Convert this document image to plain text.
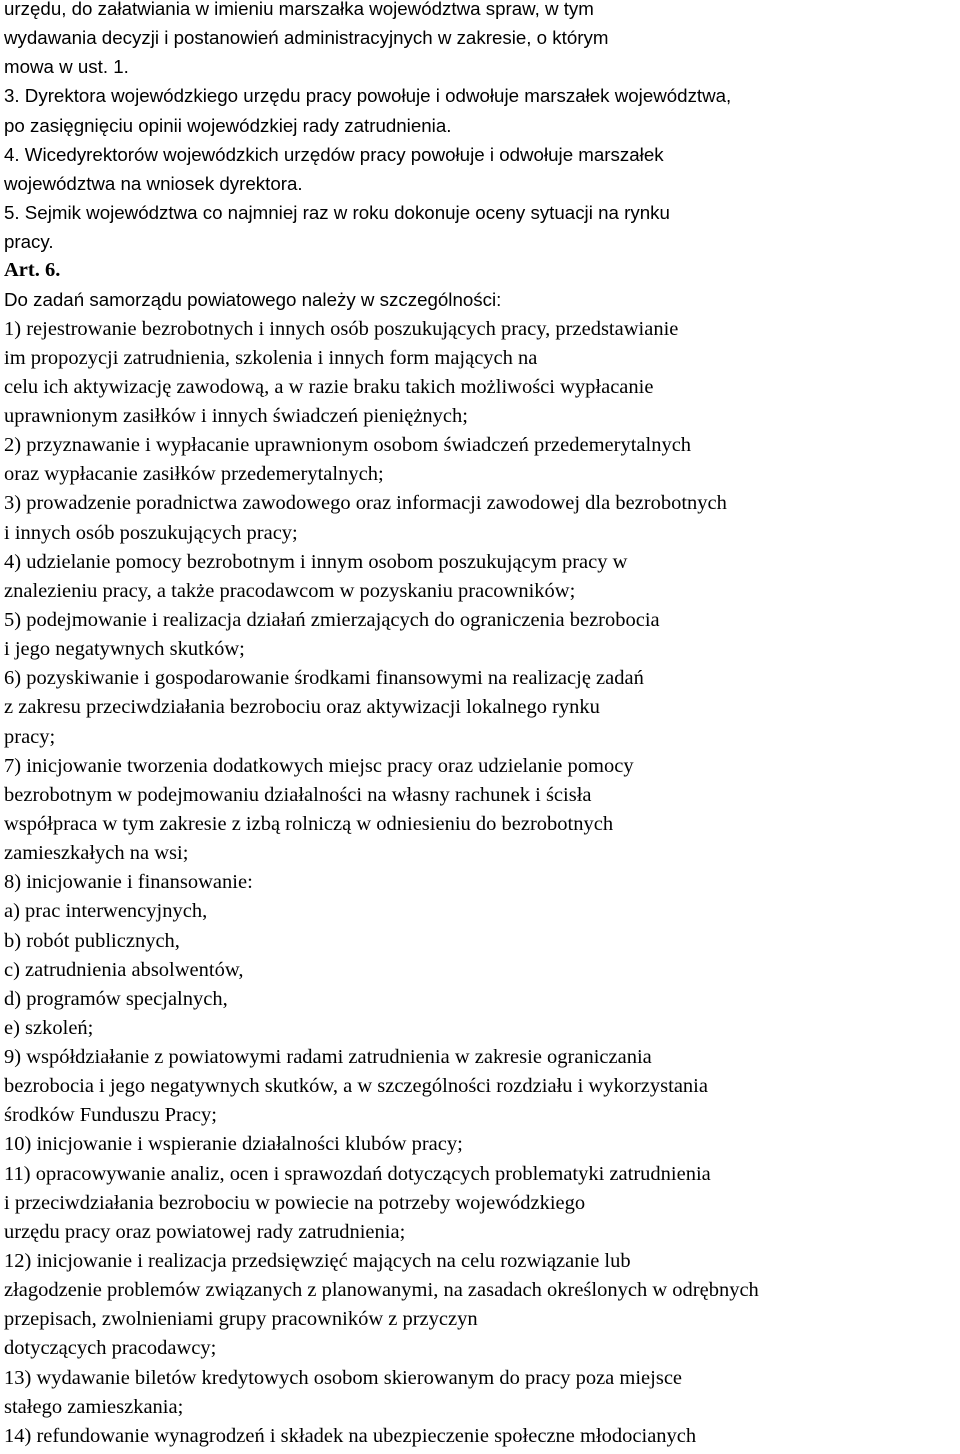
urzędu, do załatwiania w imieniu marszałka województwa spraw, w tym
wydawania decyzji i postanowień administracyjnych w zakresie, o którym
mowa w ust. 1.
3. Dyrektora wojewódzkiego urzędu pracy powołuje i odwołuje marszałek województwa,
po zasięgnięciu opinii wojewódzkiej rady zatrudnienia.
4. Wicedyrektorów wojewódzkich urzędów pracy powołuje i odwołuje marszałek
województwa na wniosek dyrektora.
5. Sejmik województwa co najmniej raz w roku dokonuje oceny sytuacji na rynku
pracy.
Art. 6.
Do zadań samorządu powiatowego należy w szczególności:
1) rejestrowanie bezrobotnych i innych osób poszukujących pracy, przedstawianie
im propozycji zatrudnienia, szkolenia i innych form mających na
celu ich aktywizację zawodową, a w razie braku takich możliwości wypłacanie
uprawnionym zasiłków i innych świadczeń pieniężnych;
2) przyznawanie i wypłacanie uprawnionym osobom świadczeń przedemerytalnych
oraz wypłacanie zasiłków przedemerytalnych;
3) prowadzenie poradnictwa zawodowego oraz informacji zawodowej dla bezrobotnych
i innych osób poszukujących pracy;
4) udzielanie pomocy bezrobotnym i innym osobom poszukującym pracy w
znalezieniu pracy, a także pracodawcom w pozyskaniu pracowników;
5) podejmowanie i realizacja działań zmierzających do ograniczenia bezrobocia
i jego negatywnych skutków;
6) pozyskiwanie i gospodarowanie środkami finansowymi na realizację zadań
z zakresu przeciwdziałania bezrobociu oraz aktywizacji lokalnego rynku
pracy;
7) inicjowanie tworzenia dodatkowych miejsc pracy oraz udzielanie pomocy
bezrobotnym w podejmowaniu działalności na własny rachunek i ścisła
współpraca w tym zakresie z izbą rolniczą w odniesieniu do bezrobotnych
zamieszkałych na wsi;
8) inicjowanie i finansowanie:
a) prac interwencyjnych,
b) robót publicznych,
c) zatrudnienia absolwentów,
d) programów specjalnych,
e) szkoleń;
9) współdziałanie z powiatowymi radami zatrudnienia w zakresie ograniczania
bezrobocia i jego negatywnych skutków, a w szczególności rozdziału i wykorzystania
środków Funduszu Pracy;
10) inicjowanie i wspieranie działalności klubów pracy;
11) opracowywanie analiz, ocen i sprawozdań dotyczących problematyki zatrudnienia
i przeciwdziałania bezrobociu w powiecie na potrzeby wojewódzkiego
urzędu pracy oraz powiatowej rady zatrudnienia;
12) inicjowanie i realizacja przedsięwzięć mających na celu rozwiązanie lub
złagodzenie problemów związanych z planowanymi, na zasadach określonych w odrębnych
przepisach, zwolnieniami grupy pracowników z przyczyn
dotyczących pracodawcy;
13) wydawanie biletów kredytowych osobom skierowanym do pracy poza miejsce
stałego zamieszkania;
14) refundowanie wynagrodzeń i składek na ubezpieczenie społeczne młodocianych
